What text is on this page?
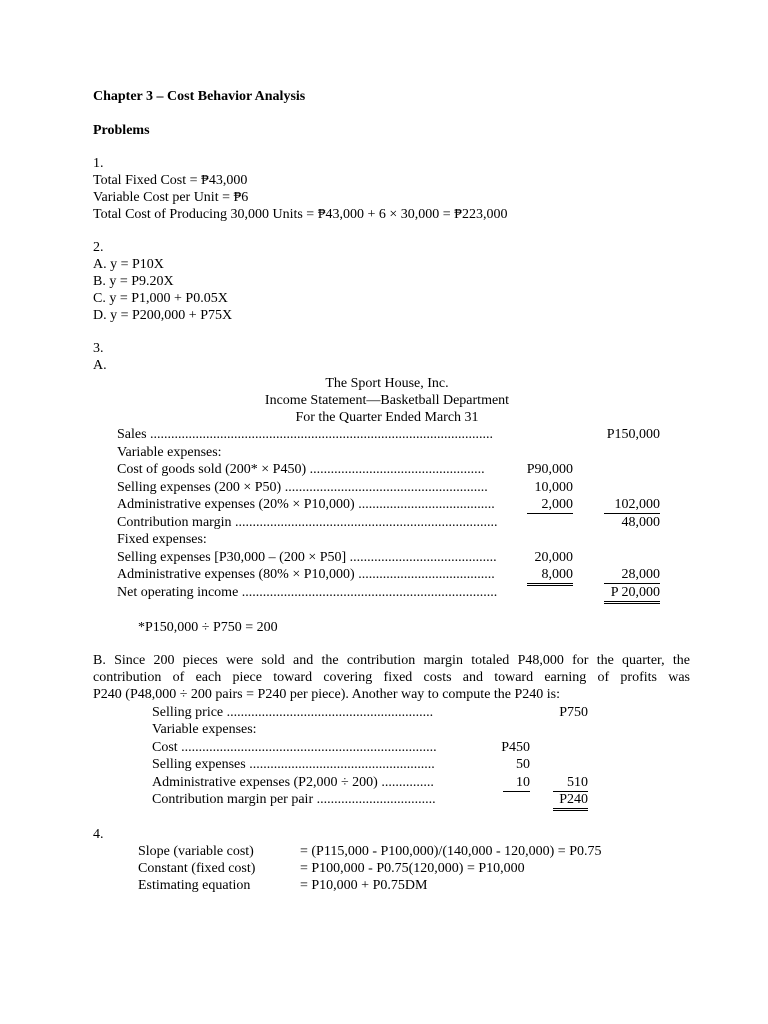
Chapter 3 – Cost Behavior Analysis
Problems
1.
Total Fixed Cost = ₱43,000
Variable Cost per Unit = ₱6
Total Cost of Producing 30,000 Units = ₱43,000 + 6 × 30,000 = ₱223,000
2.
A. y = P10X
B. y = P9.20X
C. y = P1,000 + P0.05X
D. y = P200,000 + P75X
3.
A.
The Sport House, Inc.
Income Statement—Basketball Department
For the Quarter Ended March 31
Sales ..................................................................................................	P150,000
Variable expenses:
Cost of goods sold (200* × P450) ..................................................	P90,000
Selling expenses (200 × P50) ..........................................................	10,000
Administrative expenses (20% × P10,000) .......................................	2,000	102,000
Contribution margin ...........................................................................	48,000
Fixed expenses:
Selling expenses [P30,000 – (200 × P50] ..........................................	20,000
Administrative expenses (80% × P10,000) .......................................	8,000	28,000
Net operating income .........................................................................	P 20,000
*P150,000 ÷ P750 = 200
B. Since 200 pieces were sold and the contribution margin totaled P48,000 for the quarter, the
contribution of each piece toward covering fixed costs and toward earning of profits was
P240 (P48,000 ÷ 200 pairs = P240 per piece). Another way to compute the P240 is:
Selling price ...........................................................	P750
Variable expenses:
Cost .........................................................................	P450
Selling expenses .....................................................	50
Administrative expenses (P2,000 ÷ 200) ...............	10	510
Contribution margin per pair ..................................	P240
4.
Slope (variable cost)	= (P115,000 - P100,000)/(140,000 - 120,000) = P0.75
Constant (fixed cost)	= P100,000 - P0.75(120,000) = P10,000
Estimating equation	= P10,000 + P0.75DM
